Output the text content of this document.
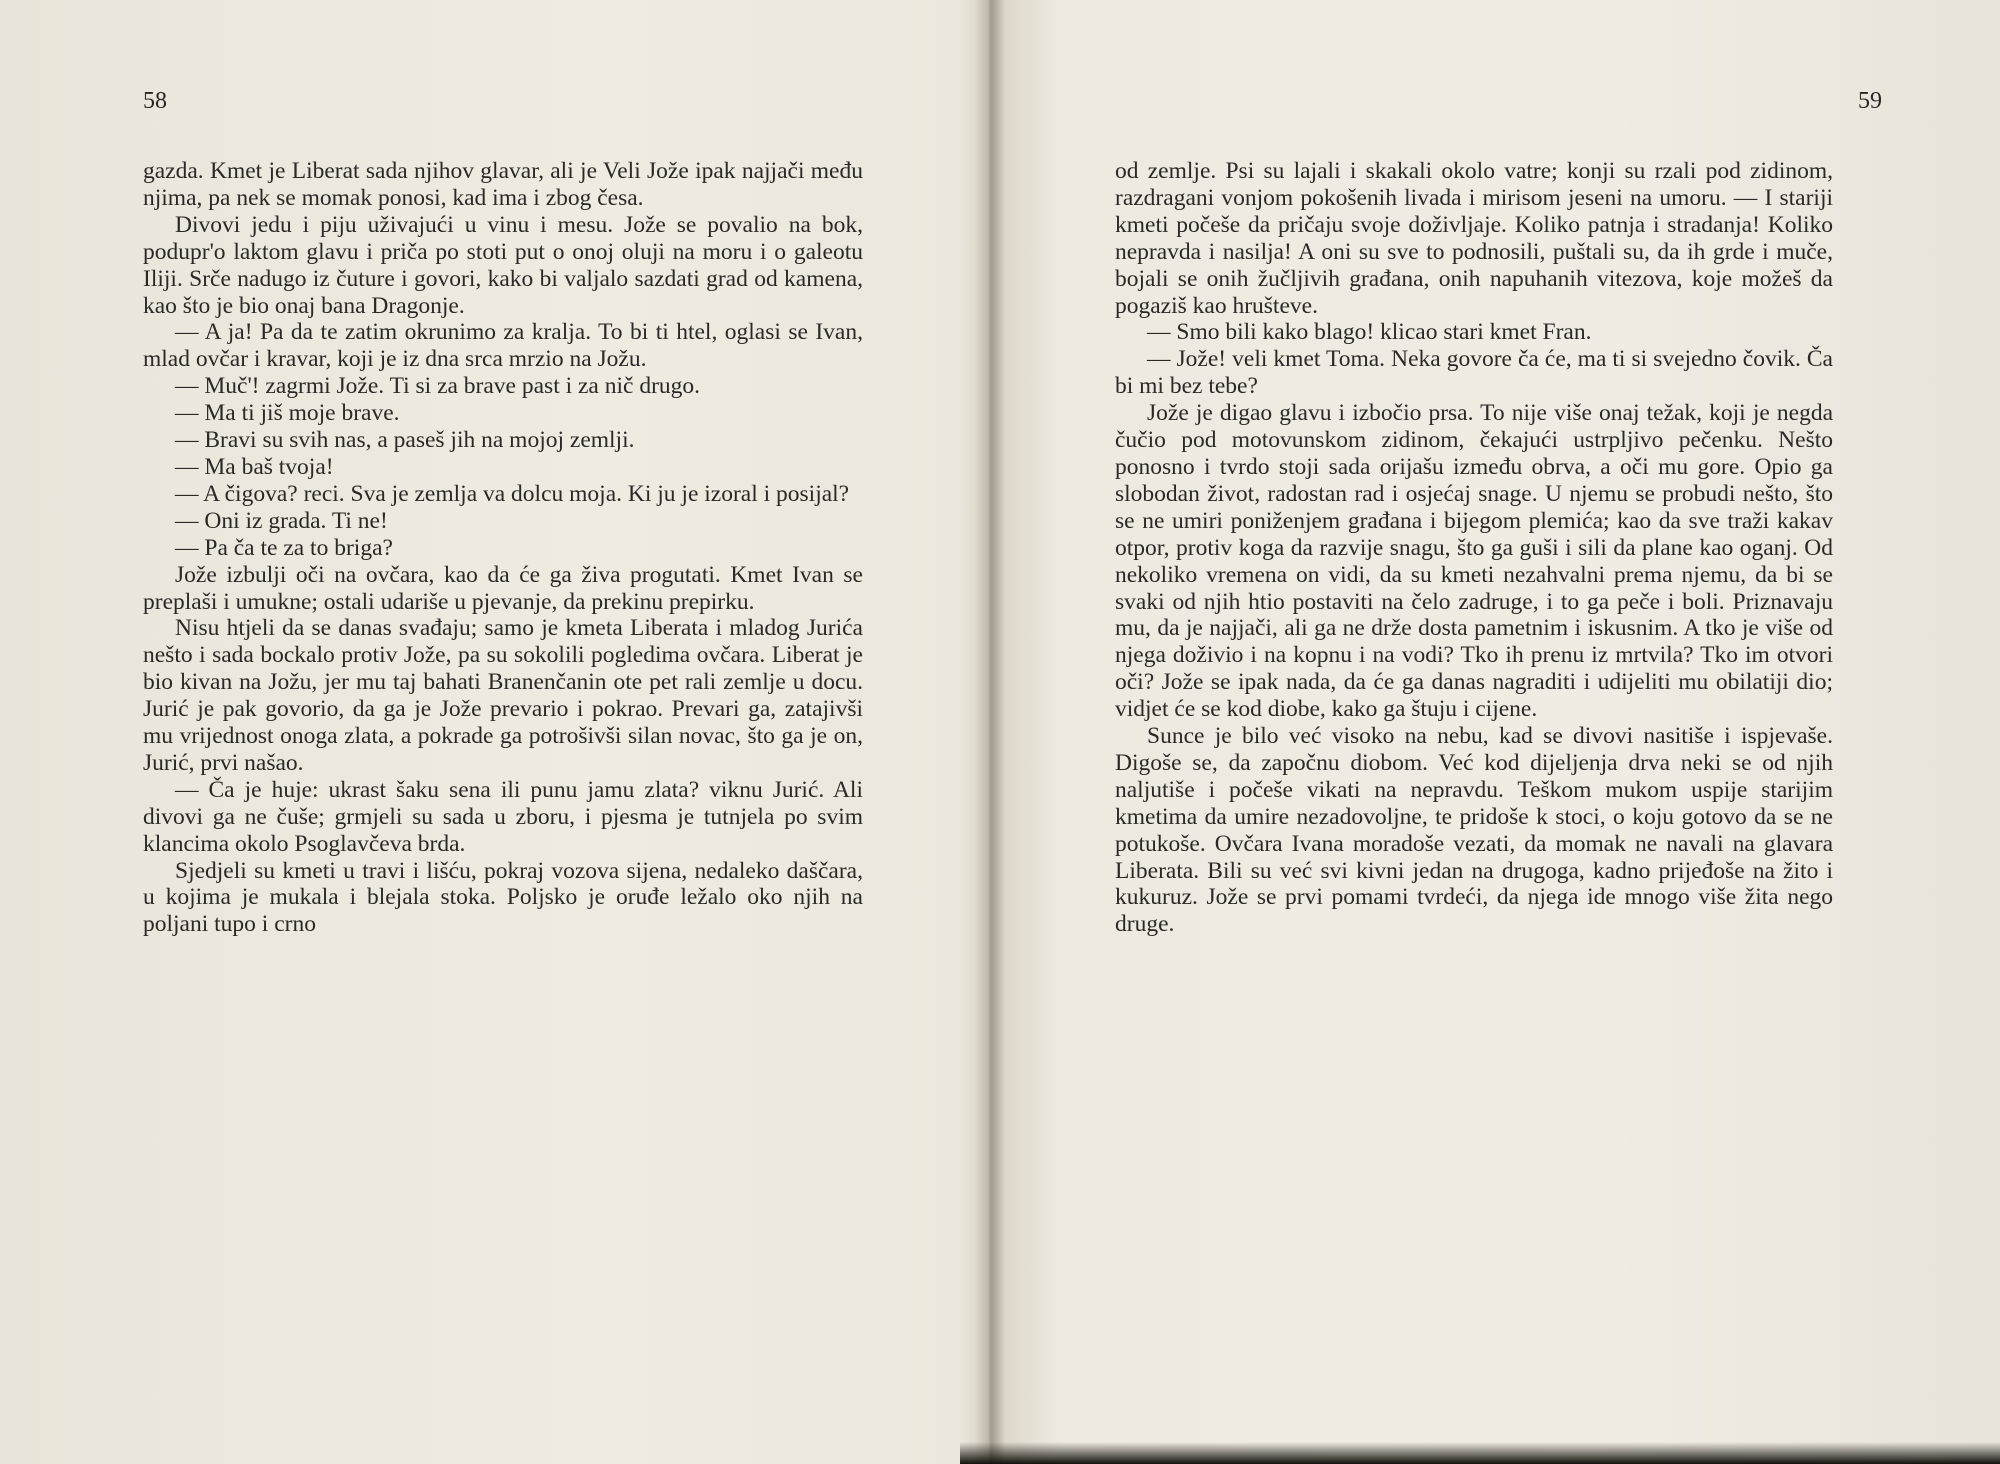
58

gazda. Kmet je Liberat sada njihov glavar, ali je Veli Jože ipak najjači među njima, pa nek se momak ponosi, kad ima i zbog česa.

Divovi jedu i piju uživajući u vinu i mesu. Jože se povalio na bok, podupr'o laktom glavu i priča po stoti put o onoj oluji na moru i o galeotu Iliji. Srče nadugo iz čuture i govori, kako bi valjalo sazdati grad od kamena, kao što je bio onaj bana Dragonje.

— A ja! Pa da te zatim okrunimo za kralja. To bi ti htel, oglasi se Ivan, mlad ovčar i kravar, koji je iz dna srca mrzio na Jožu.

— Muč'! zagrmi Jože. Ti si za brave past i za nič drugo.

— Ma ti jiš moje brave.

— Bravi su svih nas, a paseš jih na mojoj zemlji.

— Ma baš tvoja!

— A čigova? reci. Sva je zemlja va dolcu moja. Ki ju je izoral i posijal?

— Oni iz grada. Ti ne!

— Pa ča te za to briga?

Jože izbulji oči na ovčara, kao da će ga živa progutati. Kmet Ivan se preplaši i umukne; ostali udariše u pjevanje, da prekinu prepirku.

Nisu htjeli da se danas svađaju; samo je kmeta Liberata i mladog Jurića nešto i sada bockalo protiv Jože, pa su sokolili pogledima ovčara. Liberat je bio kivan na Jožu, jer mu taj bahati Branenčanin ote pet rali zemlje u docu. Jurić je pak govorio, da ga je Jože prevario i pokrao. Prevari ga, zatajivši mu vrijednost onoga zlata, a pokrade ga potrošivši silan novac, što ga je on, Jurić, prvi našao.

— Ča je huje: ukrast šaku sena ili punu jamu zlata? viknu Jurić. Ali divovi ga ne čuše; grmjeli su sada u zboru, i pjesma je tutnjela po svim klancima okolo Psoglavčeva brda.

Sjedjeli su kmeti u travi i lišću, pokraj vozova sijena, nedaleko daščara, u kojima je mukala i blejala stoka. Poljsko je oruđe ležalo oko njih na poljani tupo i crno

59

od zemlje. Psi su lajali i skakali okolo vatre; konji su rzali pod zidinom, razdragani vonjom pokošenih livada i mirisom jeseni na umoru. — I stariji kmeti počeše da pričaju svoje doživljaje. Koliko patnja i stradanja! Koliko nepravda i nasilja! A oni su sve to podnosili, puštali su, da ih grde i muče, bojali se onih žučljivih građana, onih napuhanih vitezova, koje možeš da pogaziš kao hrušteve.

— Smo bili kako blago! klicao stari kmet Fran.

— Jože! veli kmet Toma. Neka govore ča će, ma ti si svejedno čovik. Ča bi mi bez tebe?

Jože je digao glavu i izbočio prsa. To nije više onaj težak, koji je negda čučio pod motovunskom zidinom, čekajući ustrpljivo pečenku. Nešto ponosno i tvrdo stoji sada orijašu između obrva, a oči mu gore. Opio ga slobodan život, radostan rad i osjećaj snage. U njemu se probudi nešto, što se ne umiri poniženjem građana i bijegom plemića; kao da sve traži kakav otpor, protiv koga da razvije snagu, što ga guši i sili da plane kao oganj. Od nekoliko vremena on vidi, da su kmeti nezahvalni prema njemu, da bi se svaki od njih htio postaviti na čelo zadruge, i to ga peče i boli. Priznavaju mu, da je najjači, ali ga ne drže dosta pametnim i iskusnim. A tko je više od njega doživio i na kopnu i na vodi? Tko ih prenu iz mrtvila? Tko im otvori oči? Jože se ipak nada, da će ga danas nagraditi i udijeliti mu obilatiji dio; vidjet će se kod diobe, kako ga štuju i cijene.

Sunce je bilo već visoko na nebu, kad se divovi nasitiše i ispjevaše. Digoše se, da započnu diobom. Već kod dijeljenja drva neki se od njih naljutiše i počeše vikati na nepravdu. Teškom mukom uspije starijim kmetima da umire nezadovoljne, te pridoše k stoci, o koju gotovo da se ne potukoše. Ovčara Ivana moradoše vezati, da momak ne navali na glavara Liberata. Bili su već svi kivni jedan na drugoga, kadno prijeđoše na žito i kukuruz. Jože se prvi pomami tvrdeći, da njega ide mnogo više žita nego druge.
